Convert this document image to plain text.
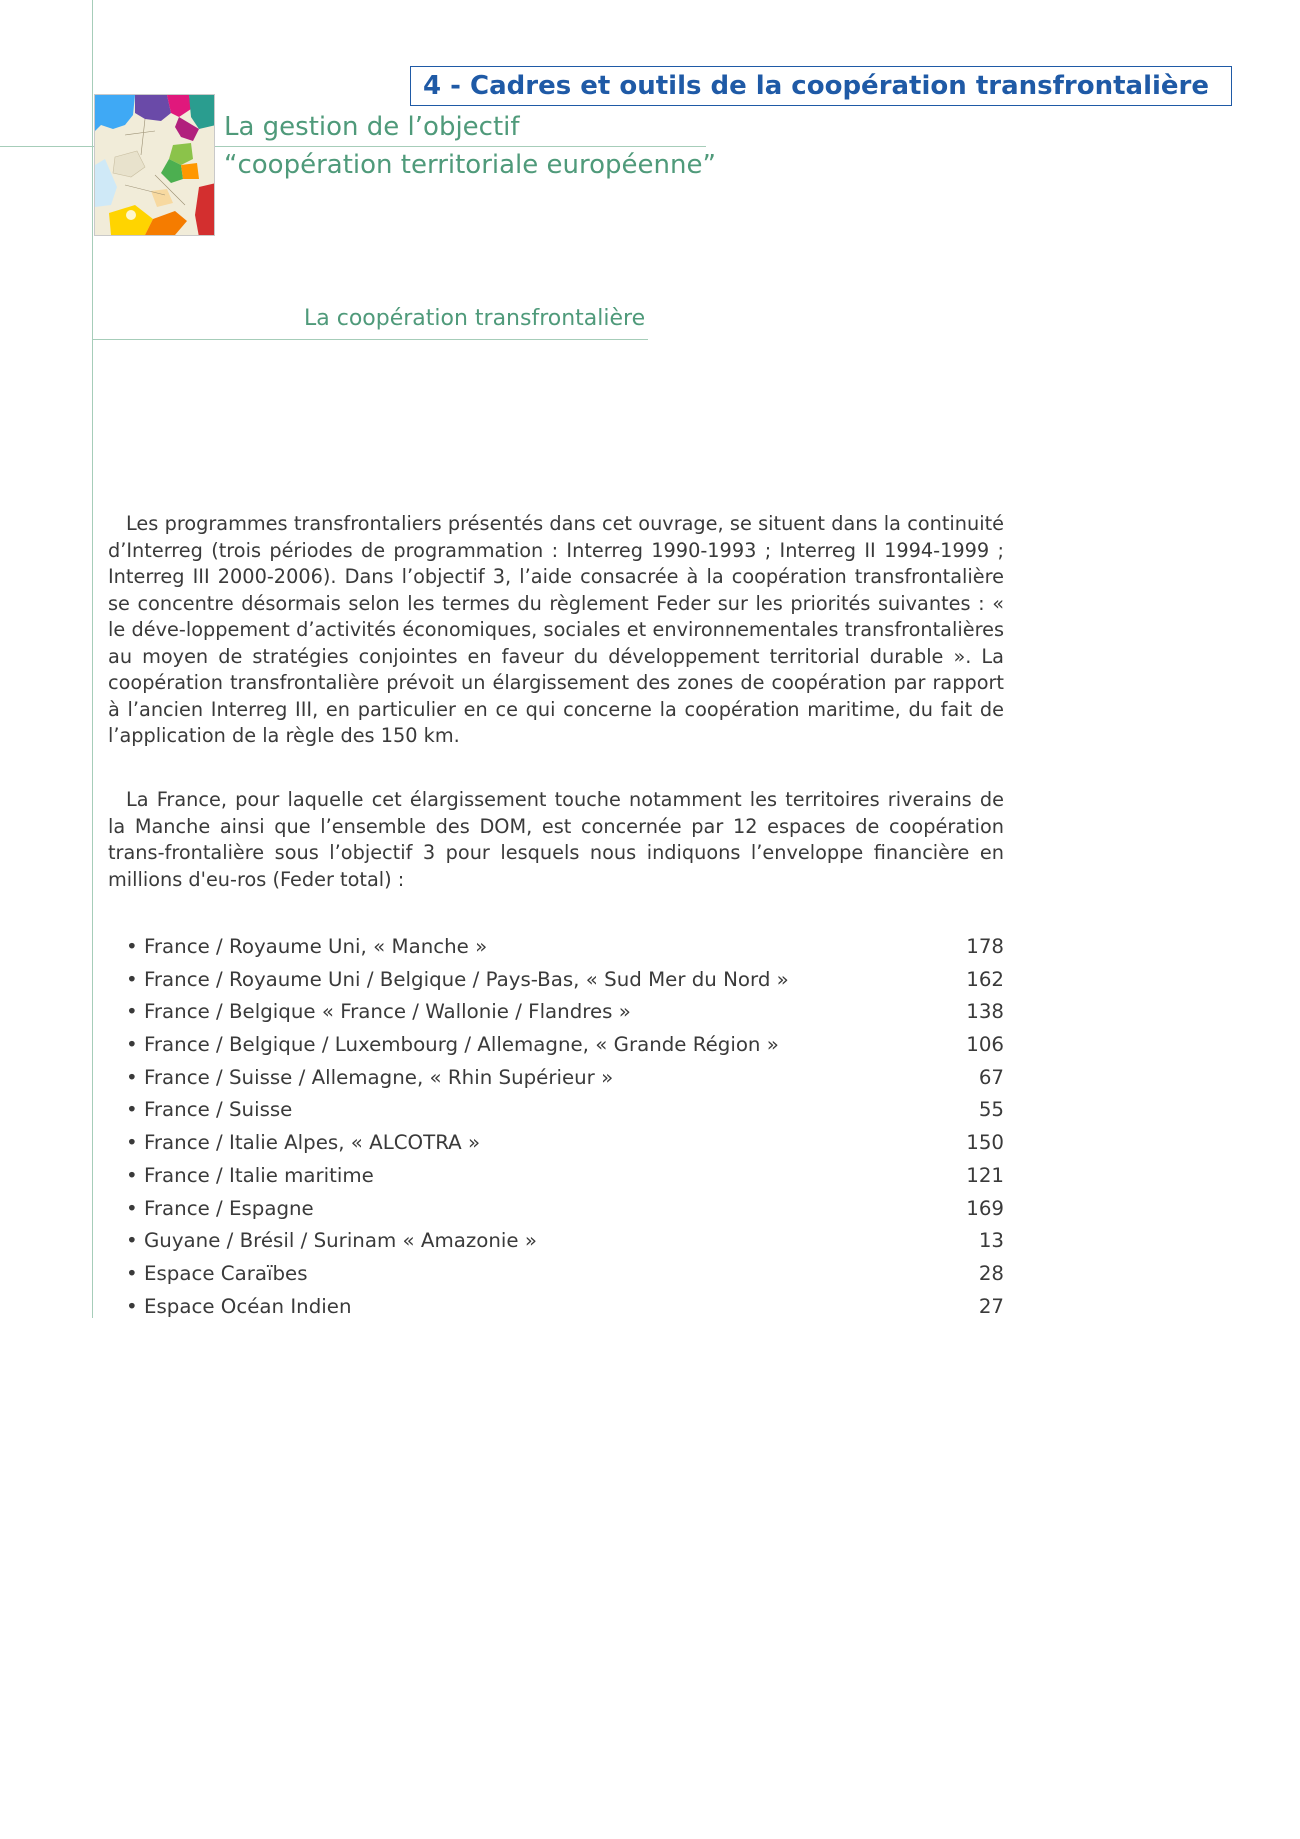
4 - Cadres et outils de la coopération transfrontalière
La gestion de l’objectif
“coopération territoriale européenne”
La coopération transfrontalière
Les programmes transfrontaliers présentés dans cet ouvrage, se situent dans la continuité d’Interreg (trois périodes de programmation : Interreg 1990-1993 ; Interreg II 1994-1999 ; Interreg III 2000-2006). Dans l’objectif 3, l’aide consacrée à la coopération transfrontalière se concentre désormais selon les termes du règlement Feder sur les priorités suivantes : « le déve-loppement d’activités économiques, sociales et environnementales transfrontalières au moyen de stratégies conjointes en faveur du développement territorial durable ». La coopération transfrontalière prévoit un élargissement des zones de coopération par rapport à l’ancien Interreg III, en particulier en ce qui concerne la coopération maritime, du fait de l’application de la règle des 150 km.
La France, pour laquelle cet élargissement touche notamment les territoires riverains de la Manche ainsi que l’ensemble des DOM, est concernée par 12 espaces de coopération trans-frontalière sous l’objectif 3 pour lesquels nous indiquons l’enveloppe financière en millions d'eu-ros (Feder total) :
• France / Royaume Uni, « Manche »	178
• France / Royaume Uni / Belgique / Pays-Bas, « Sud Mer du Nord »	162
• France / Belgique « France / Wallonie / Flandres »	138
• France / Belgique / Luxembourg / Allemagne, « Grande Région »	106
• France / Suisse / Allemagne, « Rhin Supérieur »	67
• France / Suisse	55
• France / Italie Alpes, « ALCOTRA »	150
• France / Italie maritime	121
• France / Espagne	169
• Guyane / Brésil / Surinam « Amazonie »	13
• Espace Caraïbes	28
• Espace Océan Indien	27
